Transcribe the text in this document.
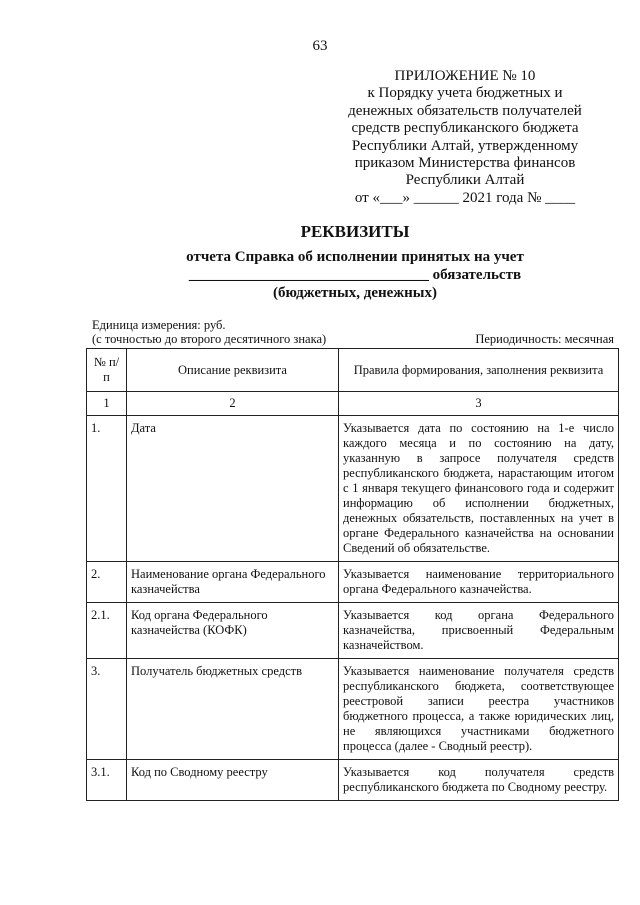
63
ПРИЛОЖЕНИЕ № 10
к Порядку учета бюджетных и
денежных обязательств получателей
средств республиканского бюджета
Республики Алтай, утвержденному
приказом Министерства финансов
Республики Алтай
от «___» ______ 2021 года № ____
РЕКВИЗИТЫ
отчета Справка об исполнении принятых на учет
________________________________ обязательств
(бюджетных, денежных)
Единица измерения: руб.
(с точностью до второго десятичного знака)	Периодичность: месячная
№ п/п	Описание реквизита	Правила формирования, заполнения реквизита
1	2	3
1.	Дата	Указывается дата по состоянию на 1-е число каждого месяца и по состоянию на дату, указанную в запросе получателя средств республиканского бюджета, нарастающим итогом с 1 января текущего финансового года и содержит информацию об исполнении бюджетных, денежных обязательств, поставленных на учет в органе Федерального казначейства на основании Сведений об обязательстве.
2.	Наименование органа Федерального казначейства	Указывается наименование территориального органа Федерального казначейства.
2.1.	Код органа Федерального казначейства (КОФК)	Указывается код органа Федерального казначейства, присвоенный Федеральным казначейством.
3.	Получатель бюджетных средств	Указывается наименование получателя средств республиканского бюджета, соответствующее реестровой записи реестра участников бюджетного процесса, а также юридических лиц, не являющихся участниками бюджетного процесса (далее - Сводный реестр).
3.1.	Код по Сводному реестру	Указывается код получателя средств республиканского бюджета по Сводному реестру.
